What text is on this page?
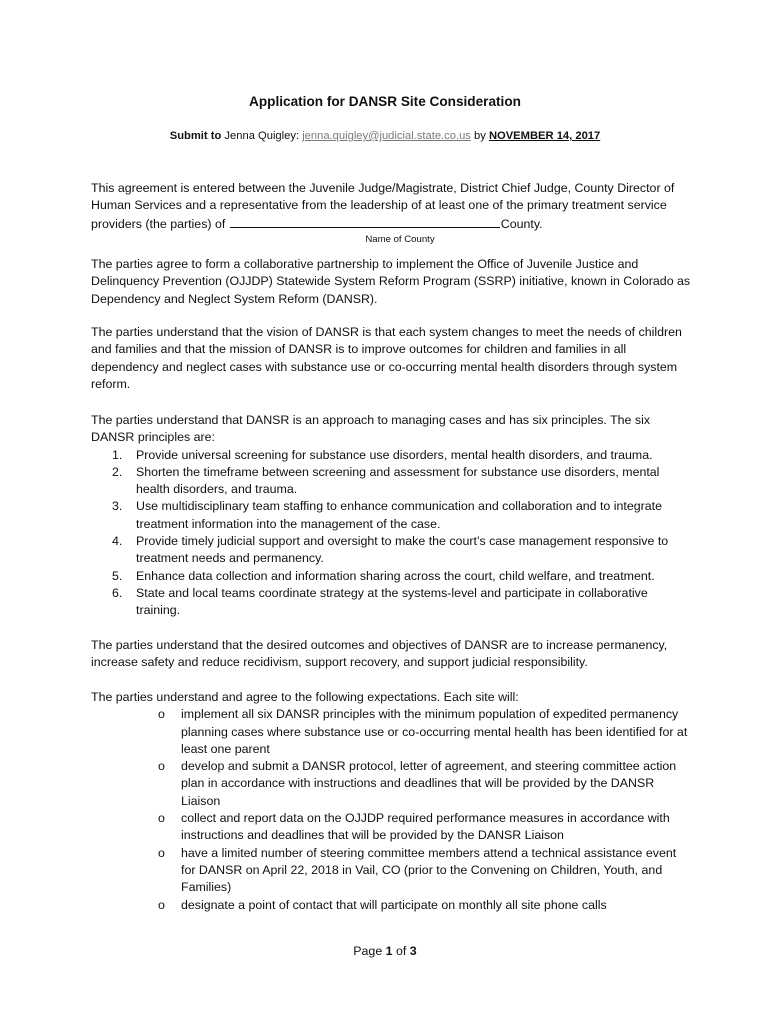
Application for DANSR Site Consideration
Submit to Jenna Quigley: jenna.quigley@judicial.state.co.us by NOVEMBER 14, 2017
This agreement is entered between the Juvenile Judge/Magistrate, District Chief Judge, County Director of Human Services and a representative from the leadership of at least one of the primary treatment service providers (the parties) of	County.
Name of County
The parties agree to form a collaborative partnership to implement the Office of Juvenile Justice and Delinquency Prevention (OJJDP) Statewide System Reform Program (SSRP) initiative, known in Colorado as Dependency and Neglect System Reform (DANSR).
The parties understand that the vision of DANSR is that each system changes to meet the needs of children and families and that the mission of DANSR is to improve outcomes for children and families in all dependency and neglect cases with substance use or co-occurring mental health disorders through system reform.
The parties understand that DANSR is an approach to managing cases and has six principles. The six DANSR principles are:
1. Provide universal screening for substance use disorders, mental health disorders, and trauma.
2. Shorten the timeframe between screening and assessment for substance use disorders, mental health disorders, and trauma.
3. Use multidisciplinary team staffing to enhance communication and collaboration and to integrate treatment information into the management of the case.
4. Provide timely judicial support and oversight to make the court’s case management responsive to treatment needs and permanency.
5. Enhance data collection and information sharing across the court, child welfare, and treatment.
6. State and local teams coordinate strategy at the systems-level and participate in collaborative training.
The parties understand that the desired outcomes and objectives of DANSR are to increase permanency, increase safety and reduce recidivism, support recovery, and support judicial responsibility.
The parties understand and agree to the following expectations. Each site will:
o implement all six DANSR principles with the minimum population of expedited permanency planning cases where substance use or co-occurring mental health has been identified for at least one parent
o develop and submit a DANSR protocol, letter of agreement, and steering committee action plan in accordance with instructions and deadlines that will be provided by the DANSR Liaison
o collect and report data on the OJJDP required performance measures in accordance with instructions and deadlines that will be provided by the DANSR Liaison
o have a limited number of steering committee members attend a technical assistance event for DANSR on April 22, 2018 in Vail, CO (prior to the Convening on Children, Youth, and Families)
o designate a point of contact that will participate on monthly all site phone calls
Page 1 of 3
